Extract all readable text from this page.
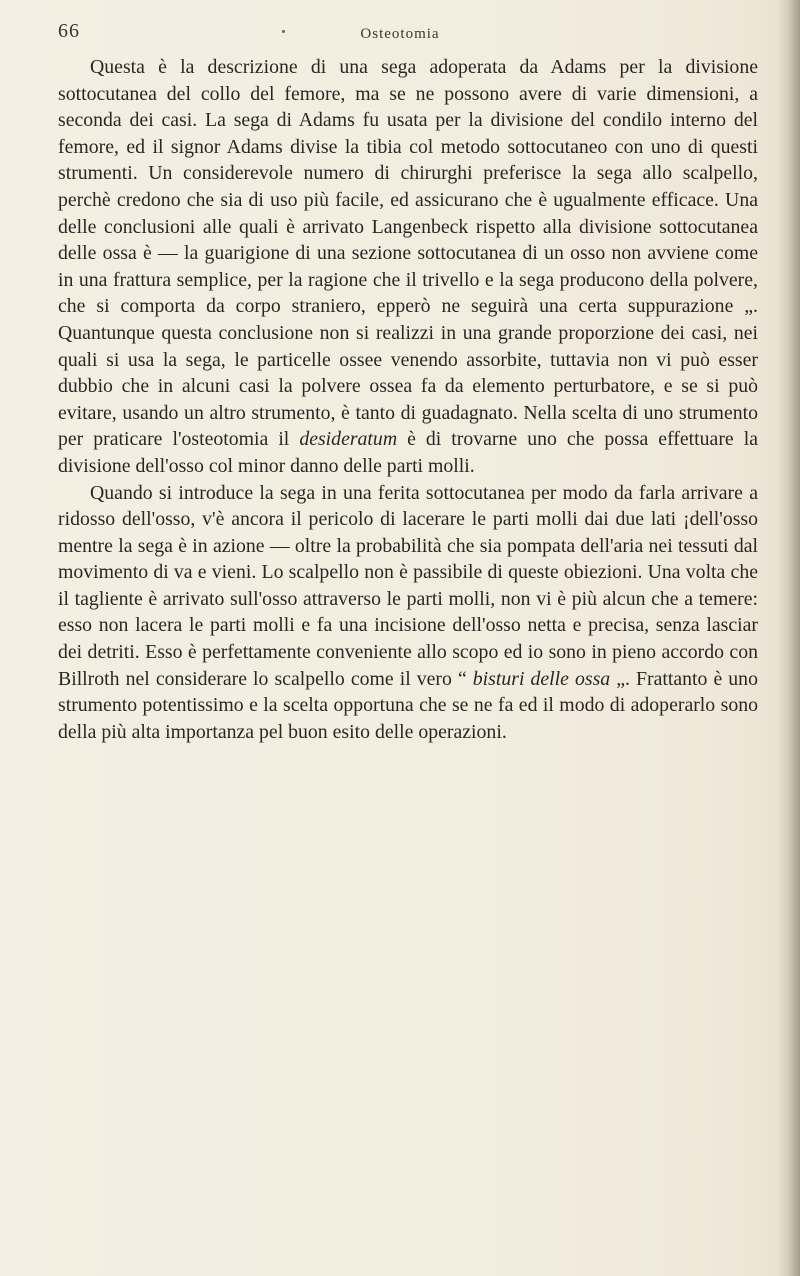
66	Osteotomia

Questa è la descrizione di una sega adoperata da Adams per la divisione sottocutanea del collo del femore, ma se ne possono avere di varie dimensioni, a seconda dei casi. La sega di Adams fu usata per la divisione del condilo interno del femore, ed il signor Adams divise la tibia col metodo sottocutaneo con uno di questi strumenti. Un considerevole numero di chirurghi preferisce la sega allo scalpello, perchè credono che sia di uso più facile, ed assicurano che è ugualmente efficace. Una delle conclusioni alle quali è arrivato Langenbeck rispetto alla divisione sottocutanea delle ossa è — la guarigione di una sezione sottocutanea di un osso non avviene come in una frattura semplice, per la ragione che il trivello e la sega producono della polvere, che si comporta da corpo straniero, epperò ne seguirà una certa suppurazione „. Quantunque questa conclusione non si realizzi in una grande proporzione dei casi, nei quali si usa la sega, le particelle ossee venendo assorbite, tuttavia non vi può esser dubbio che in alcuni casi la polvere ossea fa da elemento perturbatore, e se si può evitare, usando un altro strumento, è tanto di guadagnato. Nella scelta di uno strumento per praticare l'osteotomia il desideratum è di trovarne uno che possa effettuare la divisione dell'osso col minor danno delle parti molli.

Quando si introduce la sega in una ferita sottocutanea per modo da farla arrivare a ridosso dell'osso, v'è ancora il pericolo di lacerare le parti molli dai due lati ¡dell'osso mentre la sega è in azione — oltre la probabilità che sia pompata dell'aria nei tessuti dal movimento di va e vieni. Lo scalpello non è passibile di queste obiezioni. Una volta che il tagliente è arrivato sull'osso attraverso le parti molli, non vi è più alcun che a temere: esso non lacera le parti molli e fa una incisione dell'osso netta e precisa, senza lasciar dei detriti. Esso è perfettamente conveniente allo scopo ed io sono in pieno accordo con Billroth nel considerare lo scalpello come il vero “ bisturi delle ossa „. Frattanto è uno strumento potentissimo e la scelta opportuna che se ne fa ed il modo di adoperarlo sono della più alta importanza pel buon esito delle operazioni.
